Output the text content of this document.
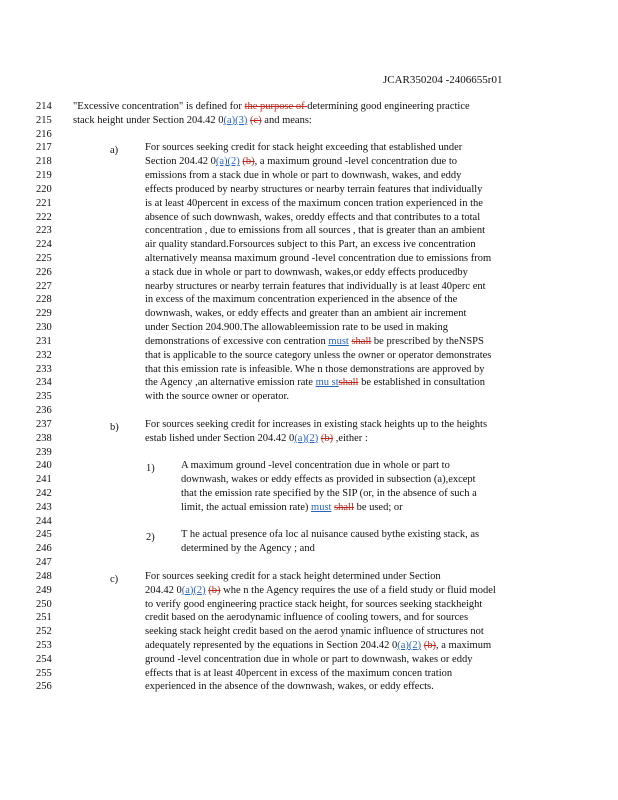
JCAR350204 -2406655r01
214
215
216
217
218
219
220
221
222
223
224
225
226
227
228
229
230
231
232
233
234
235
236
237
238
239
240
241
242
243
244
245
246
247
248
249
250
251
252
253
254
255
256
a)
b)
1)
2)
c)
"Excessive concentration" is defined for the purpose of determining good engineering practice
stack height under Section 204.42 0(a)(3) (c) and means:
For sources seeking credit for stack height exceeding that established under
Section 204.42 0(a)(2) (b), a maximum ground -level concentration due to
emissions from a stack due in whole or part to downwash, wakes, and eddy
effects produced by nearby structures or nearby terrain features that individually
is at least 40percent in excess of the maximum concen tration experienced in the
absence of such downwash, wakes, oreddy effects and that contributes to a total
concentration , due to emissions from all sources , that is greater than an ambient
air quality standard.Forsources subject to this Part, an excess ive concentration
alternatively meansa maximum ground -level concentration due to emissions from
a stack due in whole or part to downwash, wakes,or eddy effects producedby
nearby structures or nearby terrain features that individually is at least 40perc ent
in excess of the maximum concentration experienced in the absence of the
downwash, wakes, or eddy effects and greater than an ambient air increment
under Section 204.900.The allowableemission rate to be used in making
demonstrations of excessive con centration must shall be prescribed by theNSPS
that is applicable to the source category unless the owner or operator demonstrates
that this emission rate is infeasible. Whe n those demonstrations are approved by
the Agency ,an alternative emission rate mu stshall be established in consultation
with the source owner or operator.
For sources seeking credit for increases in existing stack heights up to the heights
estab lished under Section 204.42 0(a)(2) (b) ,either :
A maximum ground -level concentration due in whole or part to
downwash, wakes or eddy effects as provided in subsection (a),except
that the emission rate specified by the SIP (or, in the absence of such a
limit, the actual emission rate) must shall be used; or
T he actual presence ofa loc al nuisance caused bythe existing stack, as
determined by the Agency ; and
For sources seeking credit for a stack height determined under Section
204.42 0(a)(2) (b) whe n the Agency requires the use of a field study or fluid model
to verify good engineering practice stack height, for sources seeking stackheight
credit based on the aerodynamic influence of cooling towers, and for sources
seeking stack height credit based on the aerod ynamic influence of structures not
adequately represented by the equations in Section 204.42 0(a)(2) (b), a maximum
ground -level concentration due in whole or part to downwash, wakes or eddy
effects that is at least 40percent in excess of the maximum concen tration
experienced in the absence of the downwash, wakes, or eddy effects.
